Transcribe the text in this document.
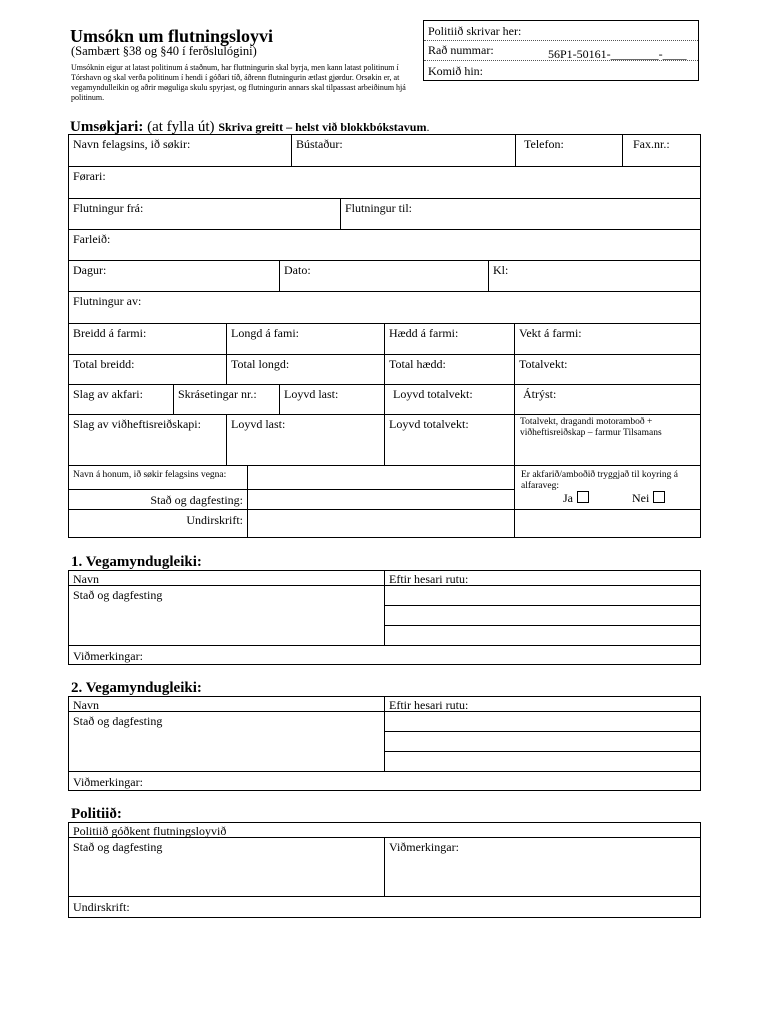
Umsókn um flutningsloyvi
(Sambært §38 og §40 í ferðslulógini)
Umsóknin eigur at latast politinum á staðnum, har fluttningurin skal byrja, men kann latast politinum í Tórshavn og skal verða politinum í hendi í góðari tíð, áðrenn flutningurin ætlast gjørdur. Orsøkin er, at vegamyndulleikin og aðrir møguliga skulu spyrjast, og flutningurin annars skal tilpassast arbeiðinum hjá politinum.
Politiið skrivar her:
Rað nummar:	56P1-50161-________-____
Komið hin:
Umsøkjari: (at fylla út) Skriva greitt – helst við blokkbókstavum.
Navn felagsins, ið søkir:	Bústaður:	Telefon:	Fax.nr.:
Førari:
Flutningur frá:	Flutningur til:
Farleið:
Dagur:	Dato:	Kl:
Flutningur av:
Breidd á farmi:	Longd á fami:	Hædd á farmi:	Vekt á farmi:
Total breidd:	Total longd:	Total hædd:	Totalvekt:
Slag av akfari:	Skrásetingar nr.:	Loyvd last:	Loyvd totalvekt:	Átrýst:
Slag av viðheftisreiðskapi:	Loyvd last:	Loyvd totalvekt:	Totalvekt, dragandi motoramboð + viðheftisreiðskap – farmur Tilsamans
Navn á honum, ið søkir felagsins vegna:	Er akfarið/amboðið tryggjað til koyring á alfaraveg:
Ja	Nei
Stað og dagfesting:
Undirskrift:
1. Vegamyndugleiki:
Navn	Eftir hesari rutu:
Stað og dagfesting
Viðmerkingar:
2. Vegamyndugleiki:
Navn	Eftir hesari rutu:
Stað og dagfesting
Viðmerkingar:
Politiið:
Politiið góðkent flutningsloyvið
Stað og dagfesting	Viðmerkingar:
Undirskrift:
